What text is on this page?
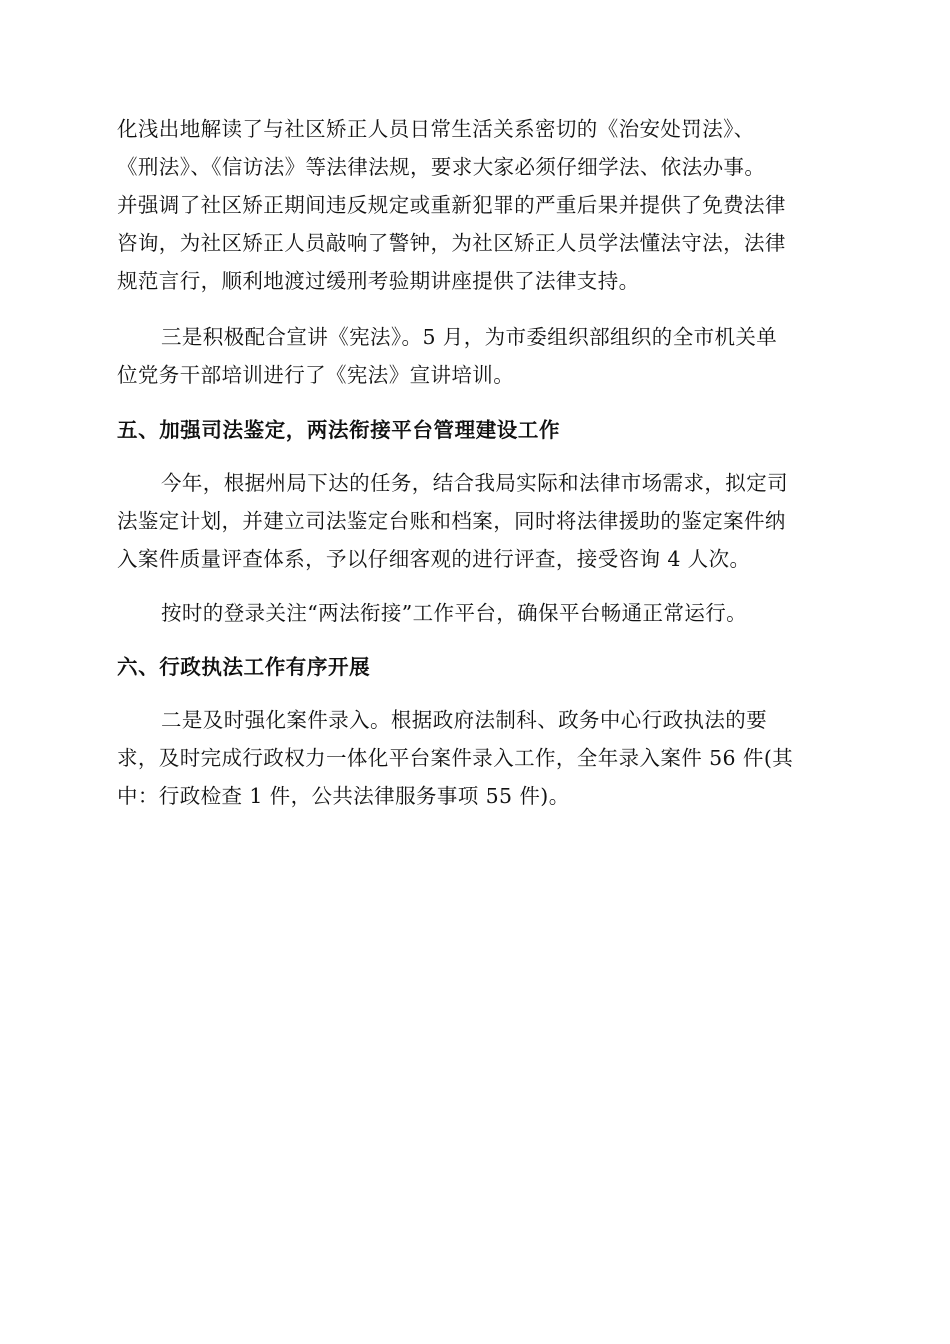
化浅出地解读了与社区矫正人员日常生活关系密切的《治安处罚法》、
《刑法》、《信访法》等法律法规，要求大家必须仔细学法、依法办事。
并强调了社区矫正期间违反规定或重新犯罪的严重后果并提供了免费法律
咨询，为社区矫正人员敲响了警钟，为社区矫正人员学法懂法守法，法律
规范言行，顺利地渡过缓刑考验期讲座提供了法律支持。
三是积极配合宣讲《宪法》。5 月，为市委组织部组织的全市机关单
位党务干部培训进行了《宪法》宣讲培训。
五、加强司法鉴定，两法衔接平台管理建设工作
今年，根据州局下达的任务，结合我局实际和法律市场需求，拟定司
法鉴定计划，并建立司法鉴定台账和档案，同时将法律援助的鉴定案件纳
入案件质量评查体系，予以仔细客观的进行评查，接受咨询 4 人次。
按时的登录关注“两法衔接”工作平台，确保平台畅通正常运行。
六、行政执法工作有序开展
二是及时强化案件录入。根据政府法制科、政务中心行政执法的要
求，及时完成行政权力一体化平台案件录入工作，全年录入案件 56 件(其
中：行政检查 1 件，公共法律服务事项 55 件)。
